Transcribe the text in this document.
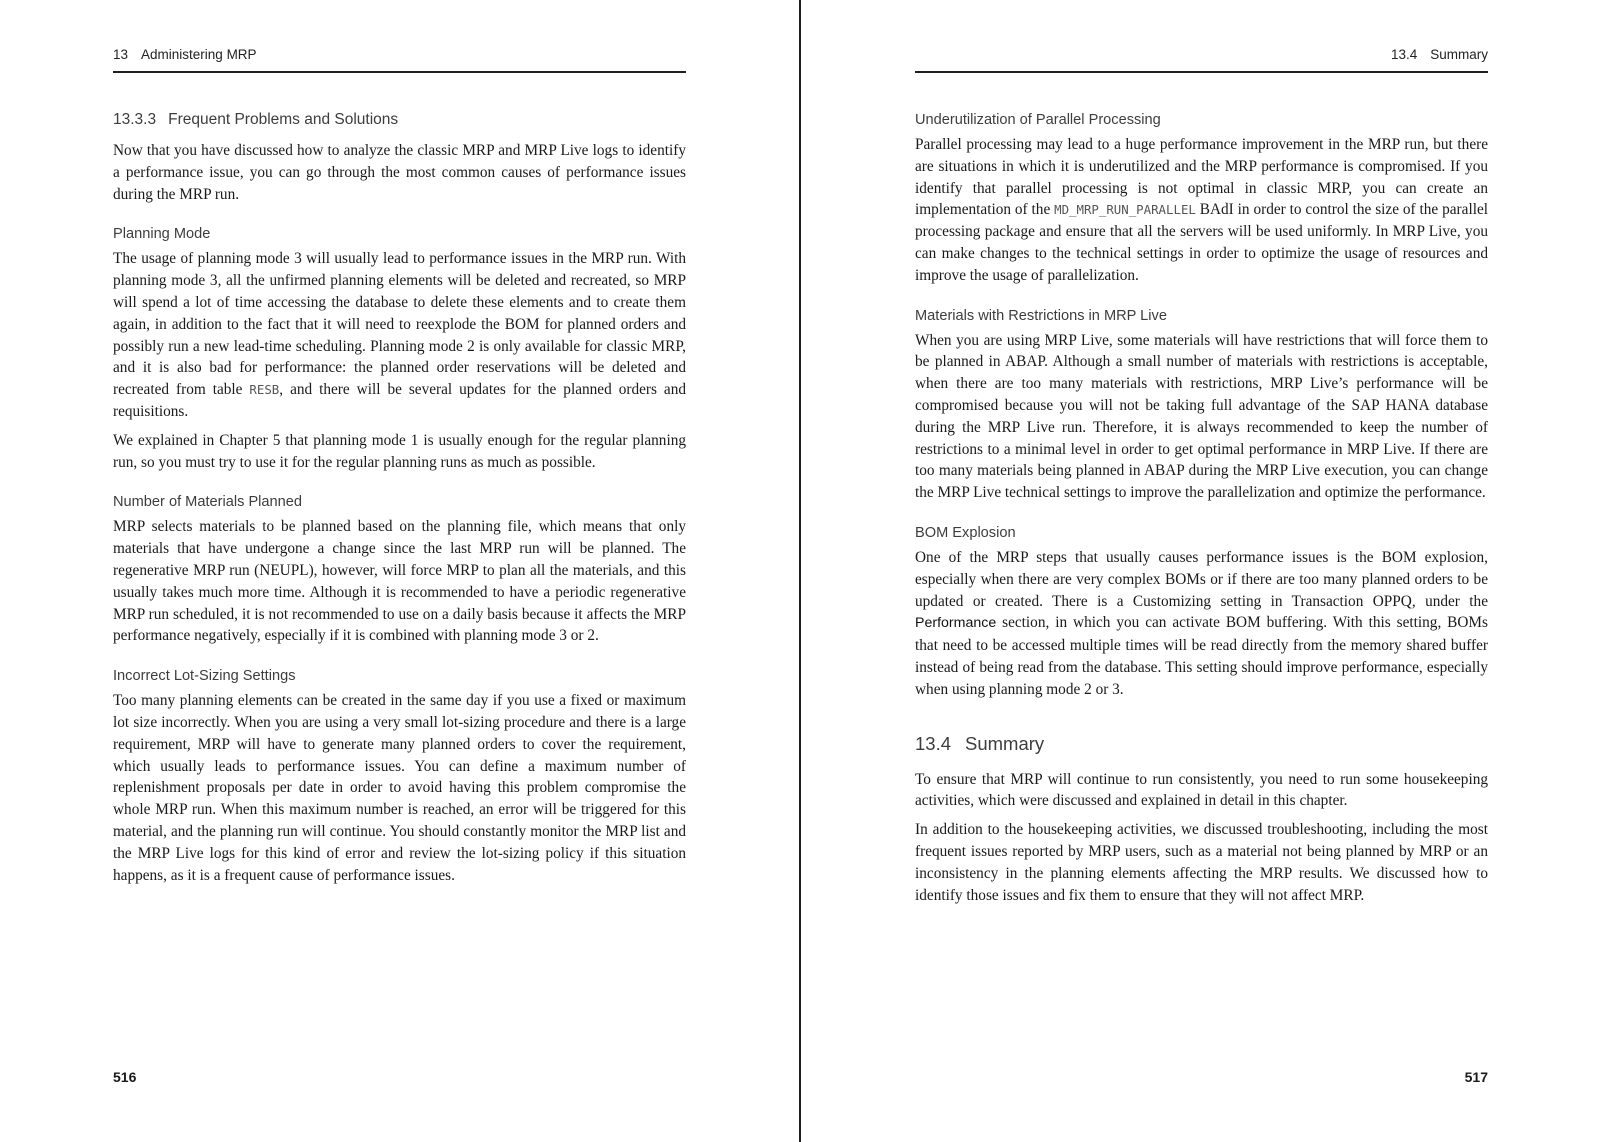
13 Administering MRP
13.3.3 Frequent Problems and Solutions

Now that you have discussed how to analyze the classic MRP and MRP Live logs to identify a performance issue, you can go through the most common causes of performance issues during the MRP run.

Planning Mode

The usage of planning mode 3 will usually lead to performance issues in the MRP run. With planning mode 3, all the unfirmed planning elements will be deleted and recreated, so MRP will spend a lot of time accessing the database to delete these elements and to create them again, in addition to the fact that it will need to reexplode the BOM for planned orders and possibly run a new lead-time scheduling. Planning mode 2 is only available for classic MRP, and it is also bad for performance: the planned order reservations will be deleted and recreated from table RESB, and there will be several updates for the planned orders and requisitions.

We explained in Chapter 5 that planning mode 1 is usually enough for the regular planning run, so you must try to use it for the regular planning runs as much as possible.

Number of Materials Planned

MRP selects materials to be planned based on the planning file, which means that only materials that have undergone a change since the last MRP run will be planned. The regenerative MRP run (NEUPL), however, will force MRP to plan all the materials, and this usually takes much more time. Although it is recommended to have a periodic regenerative MRP run scheduled, it is not recommended to use on a daily basis because it affects the MRP performance negatively, especially if it is combined with planning mode 3 or 2.

Incorrect Lot-Sizing Settings

Too many planning elements can be created in the same day if you use a fixed or maximum lot size incorrectly. When you are using a very small lot-sizing procedure and there is a large requirement, MRP will have to generate many planned orders to cover the requirement, which usually leads to performance issues. You can define a maximum number of replenishment proposals per date in order to avoid having this problem compromise the whole MRP run. When this maximum number is reached, an error will be triggered for this material, and the planning run will continue. You should constantly monitor the MRP list and the MRP Live logs for this kind of error and review the lot-sizing policy if this situation happens, as it is a frequent cause of performance issues.

516
13.4 Summary
Underutilization of Parallel Processing

Parallel processing may lead to a huge performance improvement in the MRP run, but there are situations in which it is underutilized and the MRP performance is compromised. If you identify that parallel processing is not optimal in classic MRP, you can create an implementation of the MD_MRP_RUN_PARALLEL BAdI in order to control the size of the parallel processing package and ensure that all the servers will be used uniformly. In MRP Live, you can make changes to the technical settings in order to optimize the usage of resources and improve the usage of parallelization.

Materials with Restrictions in MRP Live

When you are using MRP Live, some materials will have restrictions that will force them to be planned in ABAP. Although a small number of materials with restrictions is acceptable, when there are too many materials with restrictions, MRP Live’s performance will be compromised because you will not be taking full advantage of the SAP HANA database during the MRP Live run. Therefore, it is always recommended to keep the number of restrictions to a minimal level in order to get optimal performance in MRP Live. If there are too many materials being planned in ABAP during the MRP Live execution, you can change the MRP Live technical settings to improve the parallelization and optimize the performance.

BOM Explosion

One of the MRP steps that usually causes performance issues is the BOM explosion, especially when there are very complex BOMs or if there are too many planned orders to be updated or created. There is a Customizing setting in Transaction OPPQ, under the Performance section, in which you can activate BOM buffering. With this setting, BOMs that need to be accessed multiple times will be read directly from the memory shared buffer instead of being read from the database. This setting should improve performance, especially when using planning mode 2 or 3.

13.4 Summary

To ensure that MRP will continue to run consistently, you need to run some housekeeping activities, which were discussed and explained in detail in this chapter.

In addition to the housekeeping activities, we discussed troubleshooting, including the most frequent issues reported by MRP users, such as a material not being planned by MRP or an inconsistency in the planning elements affecting the MRP results. We discussed how to identify those issues and fix them to ensure that they will not affect MRP.

517
